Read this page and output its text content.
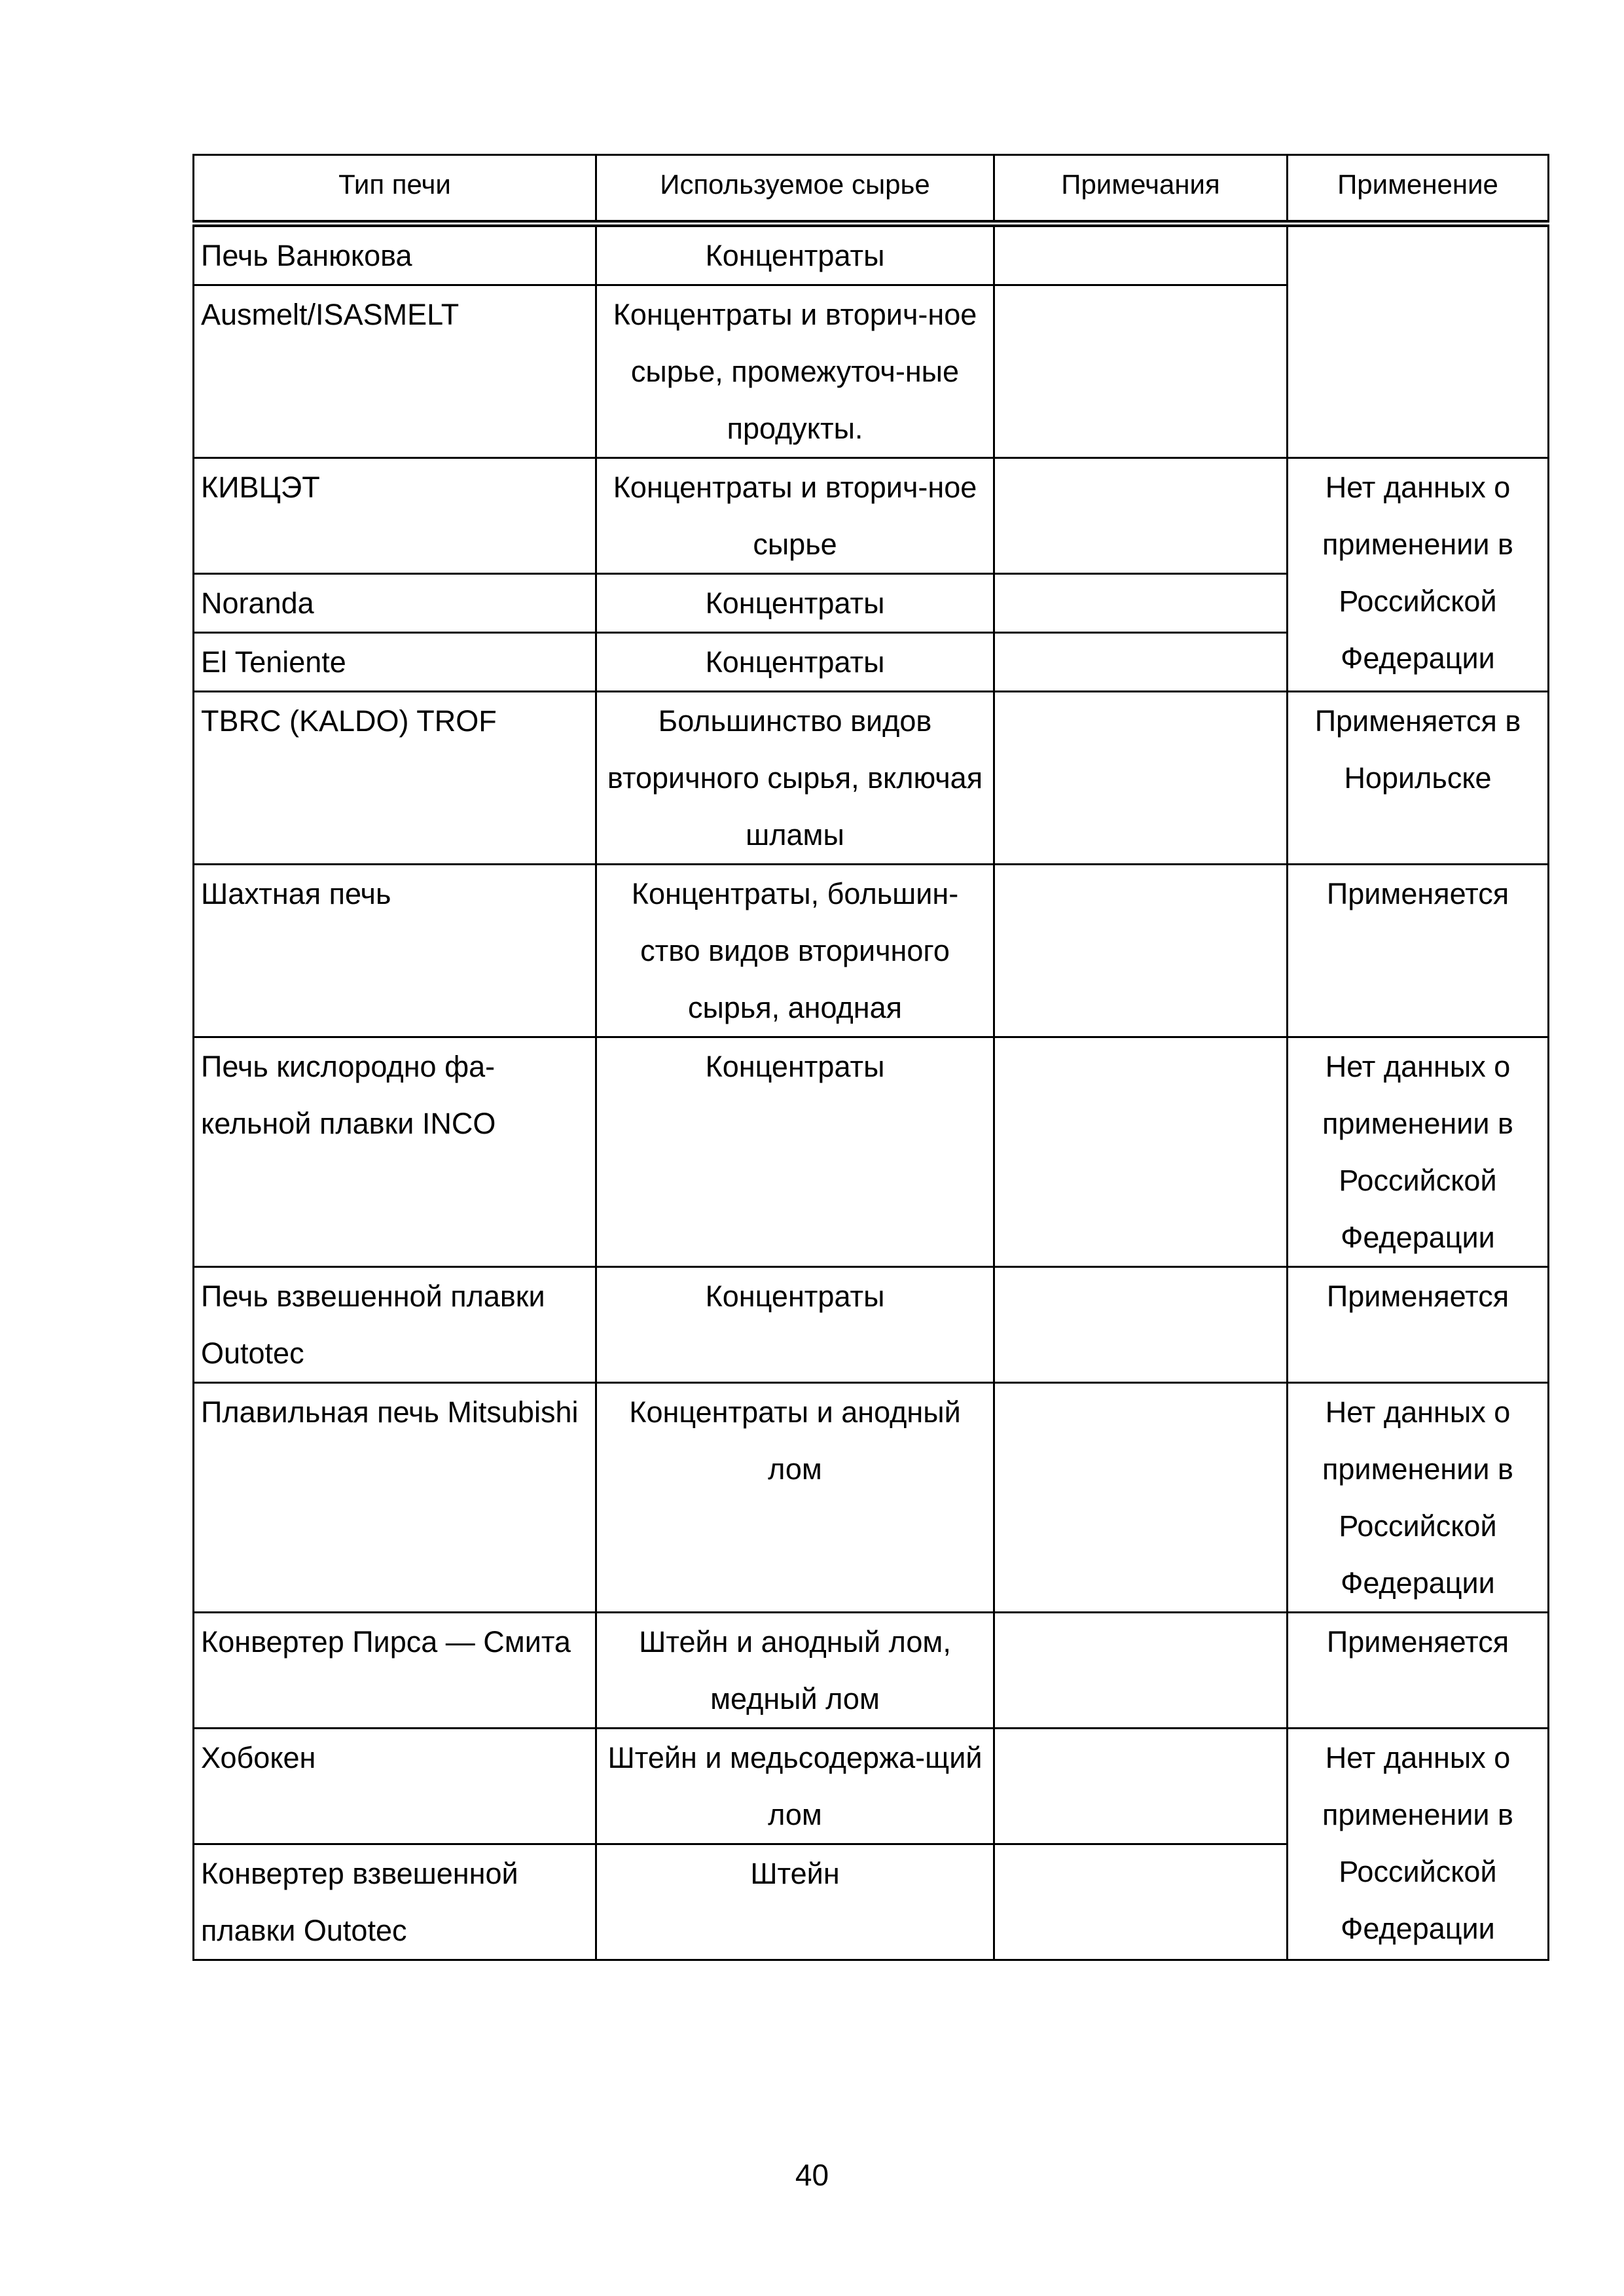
Тип печи	Используемое сырье	Примечания	Применение
Печь Ванюкова	Концентраты		
Ausmelt/ISASMELT	Концентраты и вторич-ное сырье, промежуточ-ные продукты.		
КИВЦЭТ	Концентраты и вторич-ное сырье		Нет данных о применении в Российской Федерации
Noranda	Концентраты		
El Teniente	Концентраты		
TBRC (KALDO) TROF	Большинство видов вторичного сырья, включая шламы		Применяется в Норильске
Шахтная печь	Концентраты, большин-ство видов вторичного сырья, анодная		Применяется
Печь кислородно фа-кельной плавки INCO	Концентраты		Нет данных о применении в Российской Федерации
Печь взвешенной плавки Outotec	Концентраты		Применяется
Плавильная печь Mitsubishi	Концентраты и анодный лом		Нет данных о применении в Российской Федерации
Конвертер Пирса — Смита	Штейн и анодный лом, медный лом		Применяется
Хобокен	Штейн и медьсодержа-щий лом		Нет данных о применении в Российской Федерации
Конвертер взвешенной плавки Outotec	Штейн		
40
